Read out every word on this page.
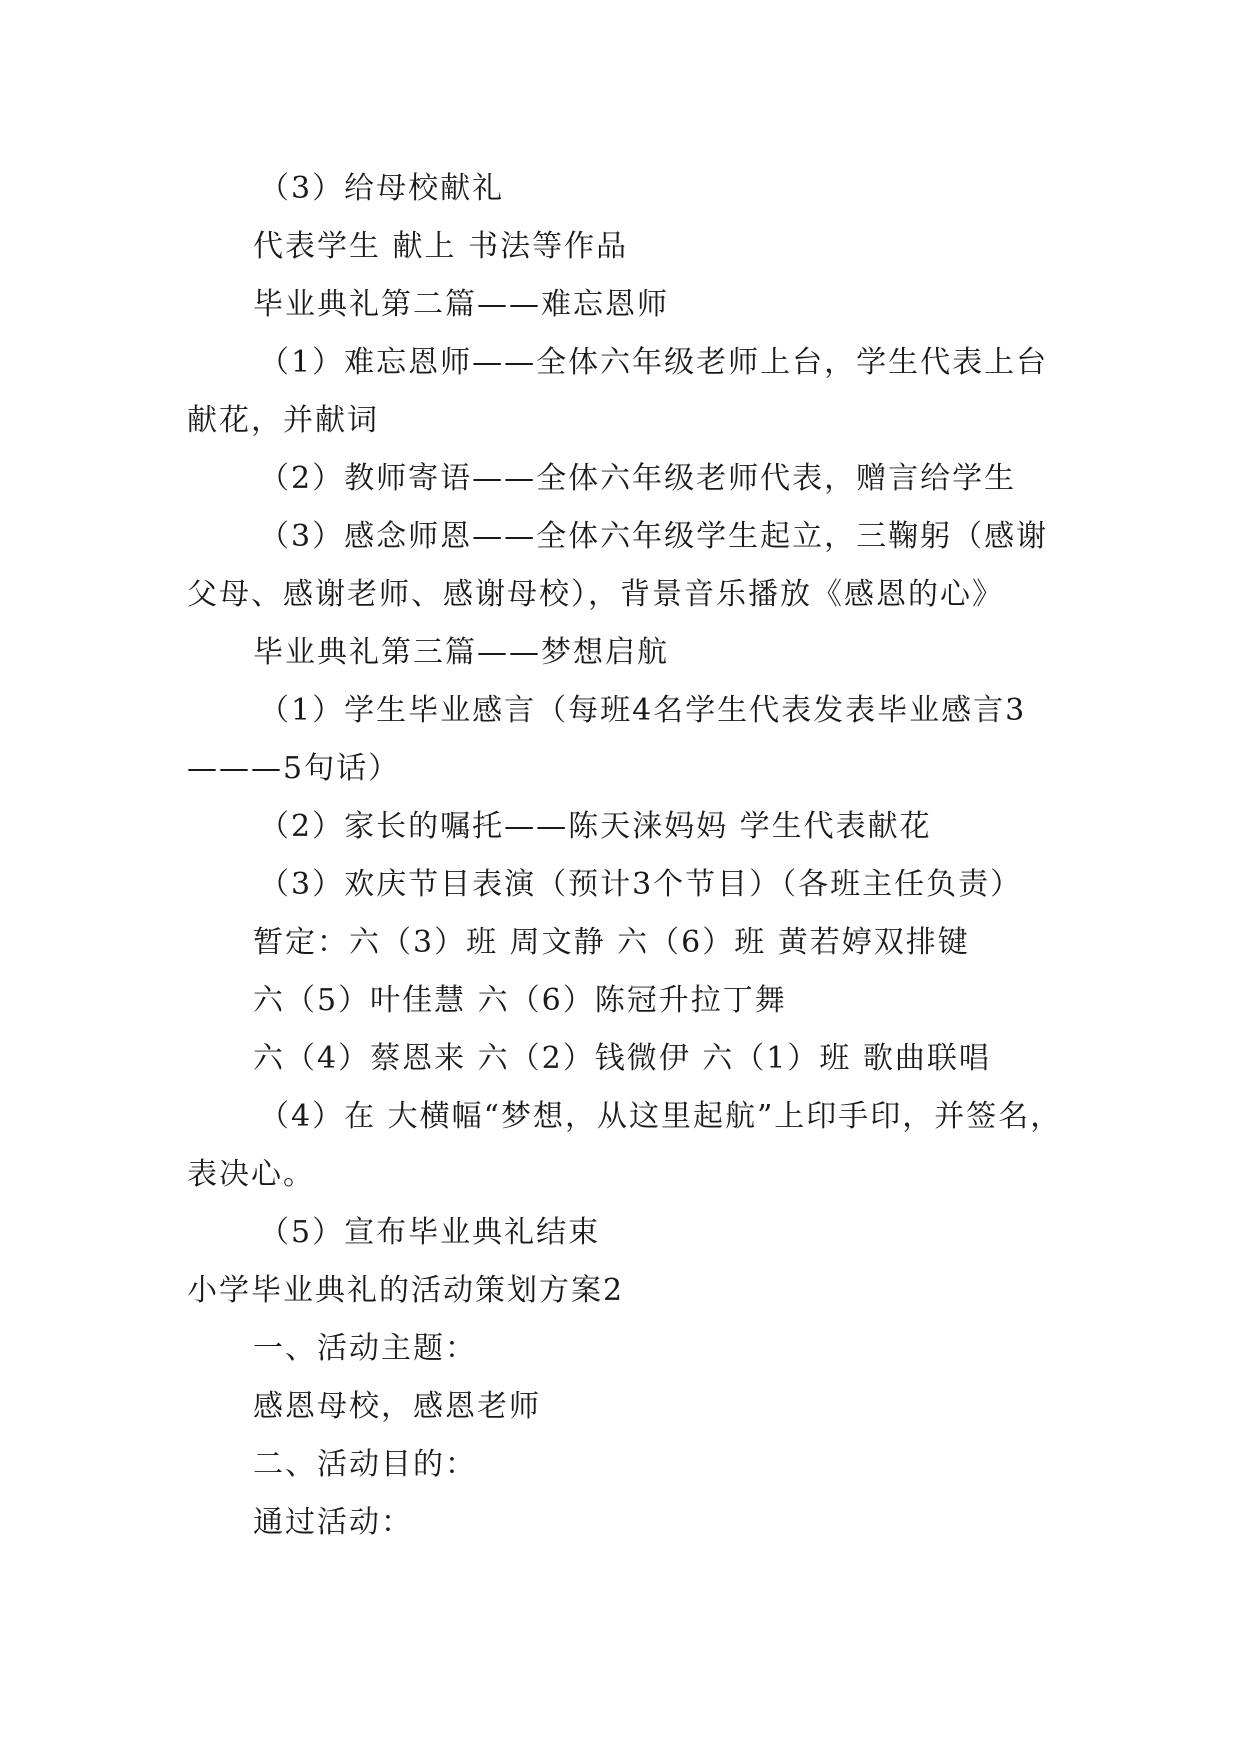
（3）给母校献礼

代表学生 献上 书法等作品

毕业典礼第二篇——难忘恩师

（1）难忘恩师——全体六年级老师上台，学生代表上台献花，并献词

（2）教师寄语——全体六年级老师代表，赠言给学生

（3）感念师恩——全体六年级学生起立，三鞠躬（感谢父母、感谢老师、感谢母校），背景音乐播放《感恩的心》

毕业典礼第三篇——梦想启航

（1）学生毕业感言（每班4名学生代表发表毕业感言3———5句话）

（2）家长的嘱托——陈天涞妈妈 学生代表献花

（3）欢庆节目表演（预计3个节目）（各班主任负责）

暂定：六（3）班 周文静 六（6）班 黄若婷双排键

六（5）叶佳慧 六（6）陈冠升拉丁舞

六（4）蔡恩来 六（2）钱微伊 六（1）班 歌曲联唱

（4）在 大横幅“梦想，从这里起航”上印手印，并签名，表决心。

（5）宣布毕业典礼结束

小学毕业典礼的活动策划方案2

一、活动主题：

感恩母校，感恩老师

二、活动目的：

通过活动：
